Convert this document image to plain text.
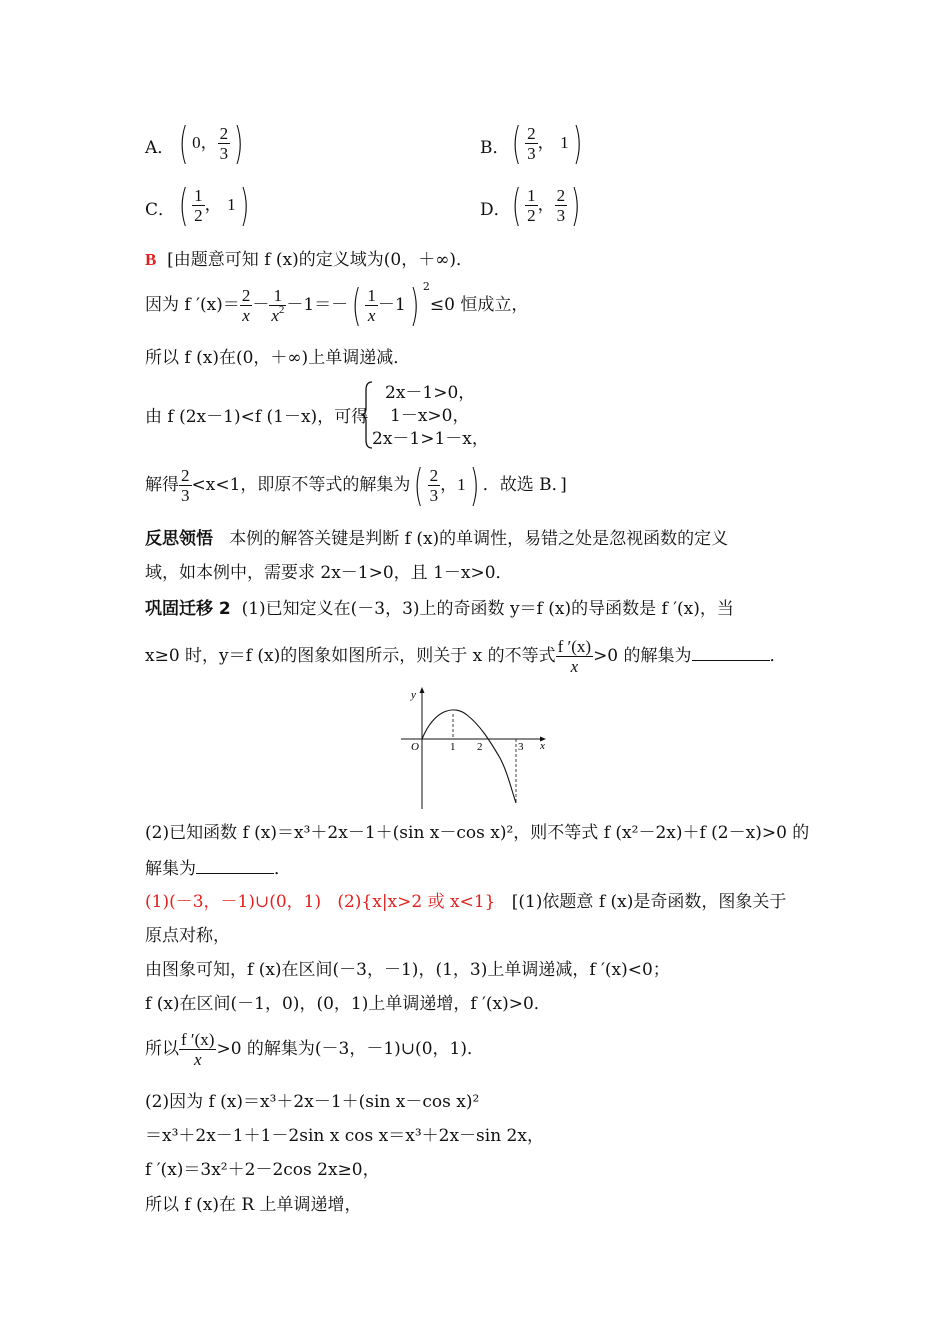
A． ( 0， $\frac{2}{3}$ )	B． ( $\frac{2}{3}$ ， 1)
C． ( $\frac{1}{2}$ ， 1)	D． ( $\frac{1}{2}$ ， $\frac{2}{3}$ )
B [由题意可知 f (x)的定义域为(0，＋∞)．
因为 f $'(x)= \frac{2}{x} - \frac{1}{x^2} -1=-( \frac{1}{x} -1)$ $^2$≤0 恒成立，
所以 f (x)在(0，＋∞)上单调递减．
由 f (2x－1)<f (1－x)，可得
2x－1>0，
1－x>0，
2x－1>1－x，
解得 $\frac{2}{3} <x<1$，即原不等式的解集为( $\frac{2}{3}$ ，1) ．故选 B．]
反思领悟 本例的解答关键是判断 f (x)的单调性，易错之处是忽视函数的定义
域，如本例中，需要求 2x－1>0，且 1－x>0．
巩固迁移 2 (1)已知定义在(－3，3)上的奇函数 y＝f (x)的导函数是 f ′(x)，当
x≥0 时，y＝f (x)的图象如图所示，则关于 x 的不等式 $\frac{f '(x)}{x} >0$ 的解集为	．
y
x
O	1 2	3
(2)已知函数 f (x)＝x³＋2x－1＋(sin x－cos x)²，则不等式 f (x²－2x)＋f (2－x)>0 的
解集为	．
(1)(－3，－1)∪(0，1) (2){x|x>2 或 x<1} [(1)依题意 f (x)是奇函数，图象关于
原点对称，
由图象可知，f (x)在区间(－3，－1)，(1，3)上单调递减，f ′(x)<0；
f (x)在区间(－1，0)，(0，1)上单调递增，f ′(x)>0．
所以 $\frac{f '(x)}{x} >0$ 的解集为(－3，－1)∪(0，1)．
(2)因为 f (x)＝x³＋2x－1＋(sin x－cos x)²
＝x³＋2x－1＋1－2sin x cos x＝x³＋2x－sin 2x，
f ′(x)＝3x²＋2－2cos 2x≥0，
所以 f (x)在 R 上单调递增，
